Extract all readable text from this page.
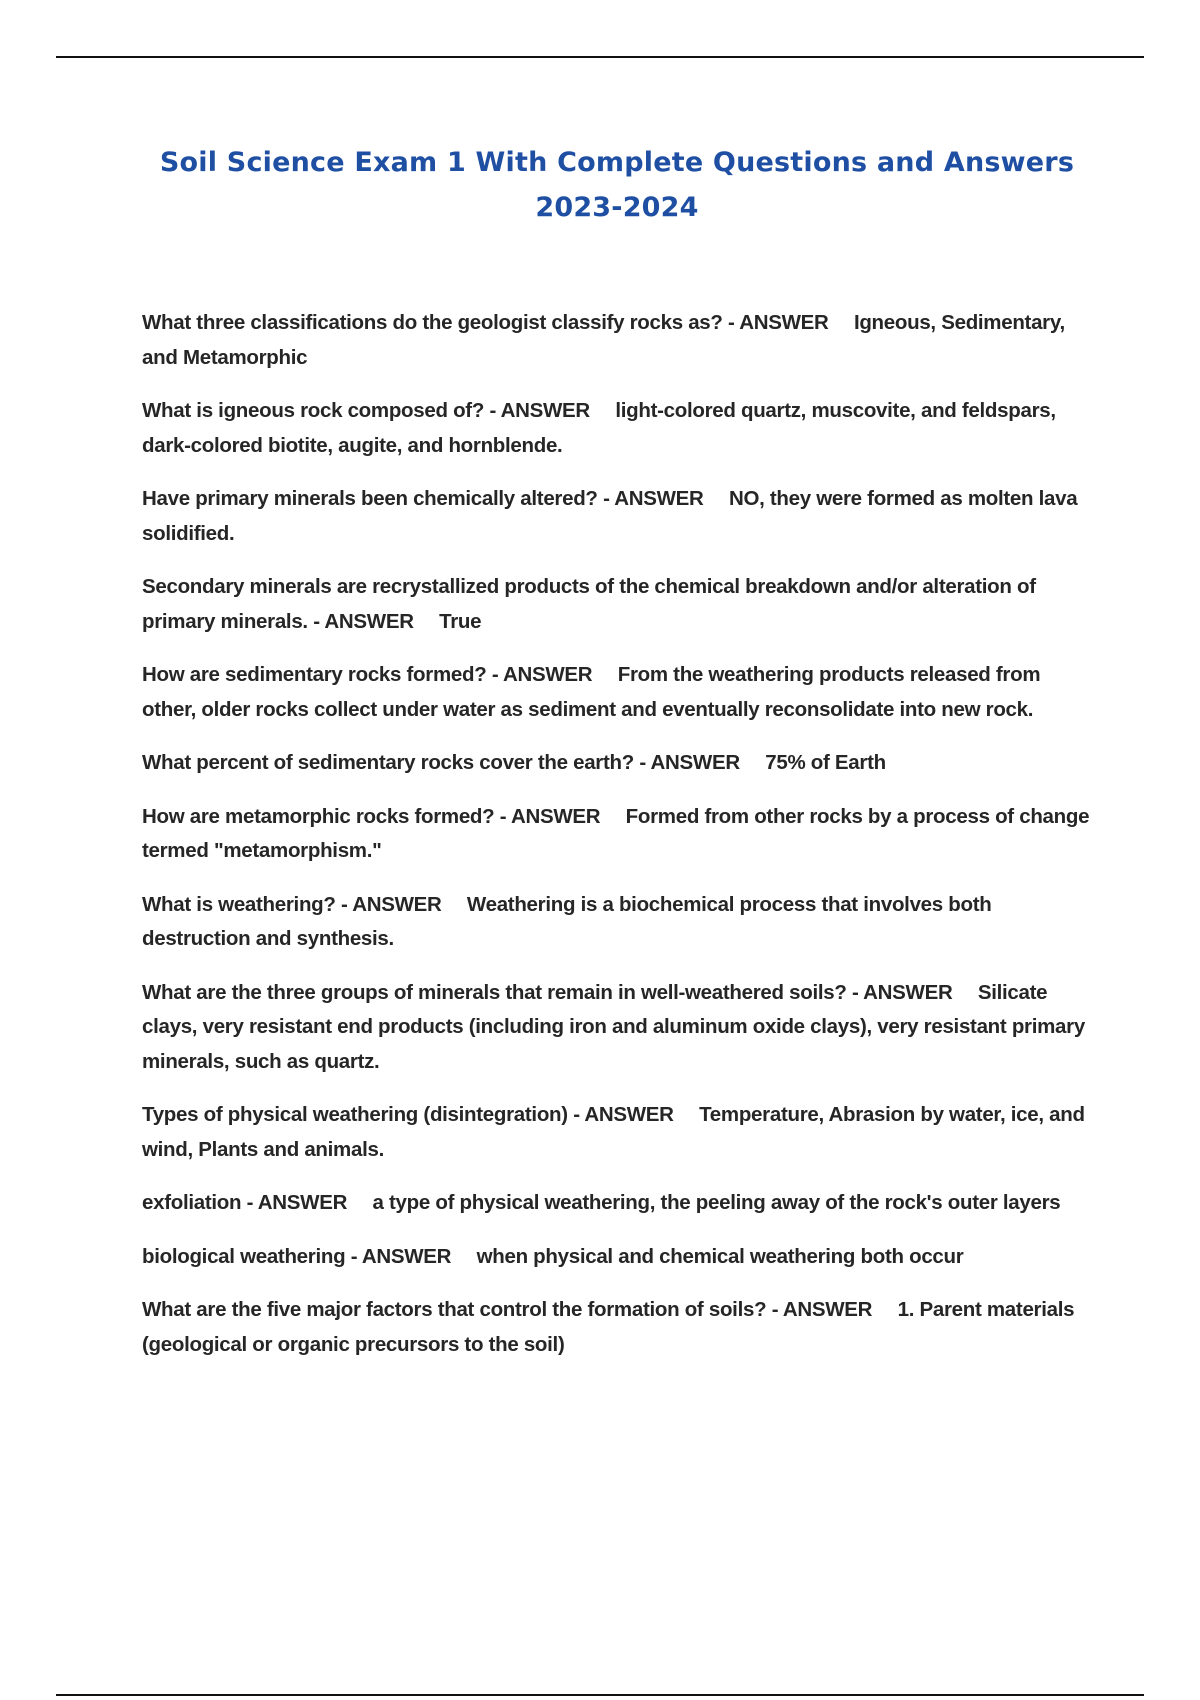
Soil Science Exam 1 With Complete Questions and Answers
2023-2024

What three classifications do the geologist classify rocks as? - ANSWER Igneous, Sedimentary, and Metamorphic

What is igneous rock composed of? - ANSWER light-colored quartz, muscovite, and feldspars, dark-colored biotite, augite, and hornblende.

Have primary minerals been chemically altered? - ANSWER NO, they were formed as molten lava solidified.

Secondary minerals are recrystallized products of the chemical breakdown and/or alteration of primary minerals. - ANSWER True

How are sedimentary rocks formed? - ANSWER From the weathering products released from other, older rocks collect under water as sediment and eventually reconsolidate into new rock.

What percent of sedimentary rocks cover the earth? - ANSWER 75% of Earth

How are metamorphic rocks formed? - ANSWER Formed from other rocks by a process of change termed "metamorphism."

What is weathering? - ANSWER Weathering is a biochemical process that involves both destruction and synthesis.

What are the three groups of minerals that remain in well-weathered soils? - ANSWER Silicate clays, very resistant end products (including iron and aluminum oxide clays), very resistant primary minerals, such as quartz.

Types of physical weathering (disintegration) - ANSWER Temperature, Abrasion by water, ice, and wind, Plants and animals.

exfoliation - ANSWER a type of physical weathering, the peeling away of the rock's outer layers

biological weathering - ANSWER when physical and chemical weathering both occur

What are the five major factors that control the formation of soils? - ANSWER 1. Parent materials (geological or organic precursors to the soil)
